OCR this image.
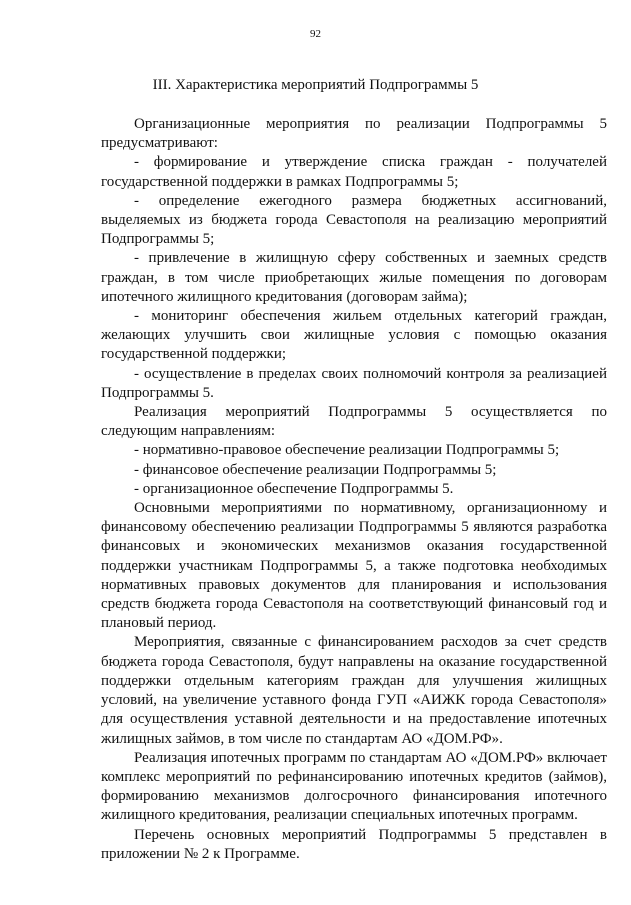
92
III. Характеристика мероприятий Подпрограммы 5

Организационные мероприятия по реализации Подпрограммы 5 предусматривают:

- формирование и утверждение списка граждан - получателей государственной поддержки в рамках Подпрограммы 5;

- определение ежегодного размера бюджетных ассигнований, выделяемых из бюджета города Севастополя на реализацию мероприятий Подпрограммы 5;

- привлечение в жилищную сферу собственных и заемных средств граждан, в том числе приобретающих жилые помещения по договорам ипотечного жилищного кредитования (договорам займа);

- мониторинг обеспечения жильем отдельных категорий граждан, желающих улучшить свои жилищные условия с помощью оказания государственной поддержки;

- осуществление в пределах своих полномочий контроля за реализацией Подпрограммы 5.

Реализация мероприятий Подпрограммы 5 осуществляется по следующим направлениям:

- нормативно-правовое обеспечение реализации Подпрограммы 5;

- финансовое обеспечение реализации Подпрограммы 5;

- организационное обеспечение Подпрограммы 5.

Основными мероприятиями по нормативному, организационному и финансовому обеспечению реализации Подпрограммы 5 являются разработка финансовых и экономических механизмов оказания государственной поддержки участникам Подпрограммы 5, а также подготовка необходимых нормативных правовых документов для планирования и использования средств бюджета города Севастополя на соответствующий финансовый год и плановый период.

Мероприятия, связанные с финансированием расходов за счет средств бюджета города Севастополя, будут направлены на оказание государственной поддержки отдельным категориям граждан для улучшения жилищных условий, на увеличение уставного фонда ГУП «АИЖК города Севастополя» для осуществления уставной деятельности и на предоставление ипотечных жилищных займов, в том числе по стандартам АО «ДОМ.РФ».

Реализация ипотечных программ по стандартам АО «ДОМ.РФ» включает комплекс мероприятий по рефинансированию ипотечных кредитов (займов), формированию механизмов долгосрочного финансирования ипотечного жилищного кредитования, реализации специальных ипотечных программ.

Перечень основных мероприятий Подпрограммы 5 представлен в приложении № 2 к Программе.
